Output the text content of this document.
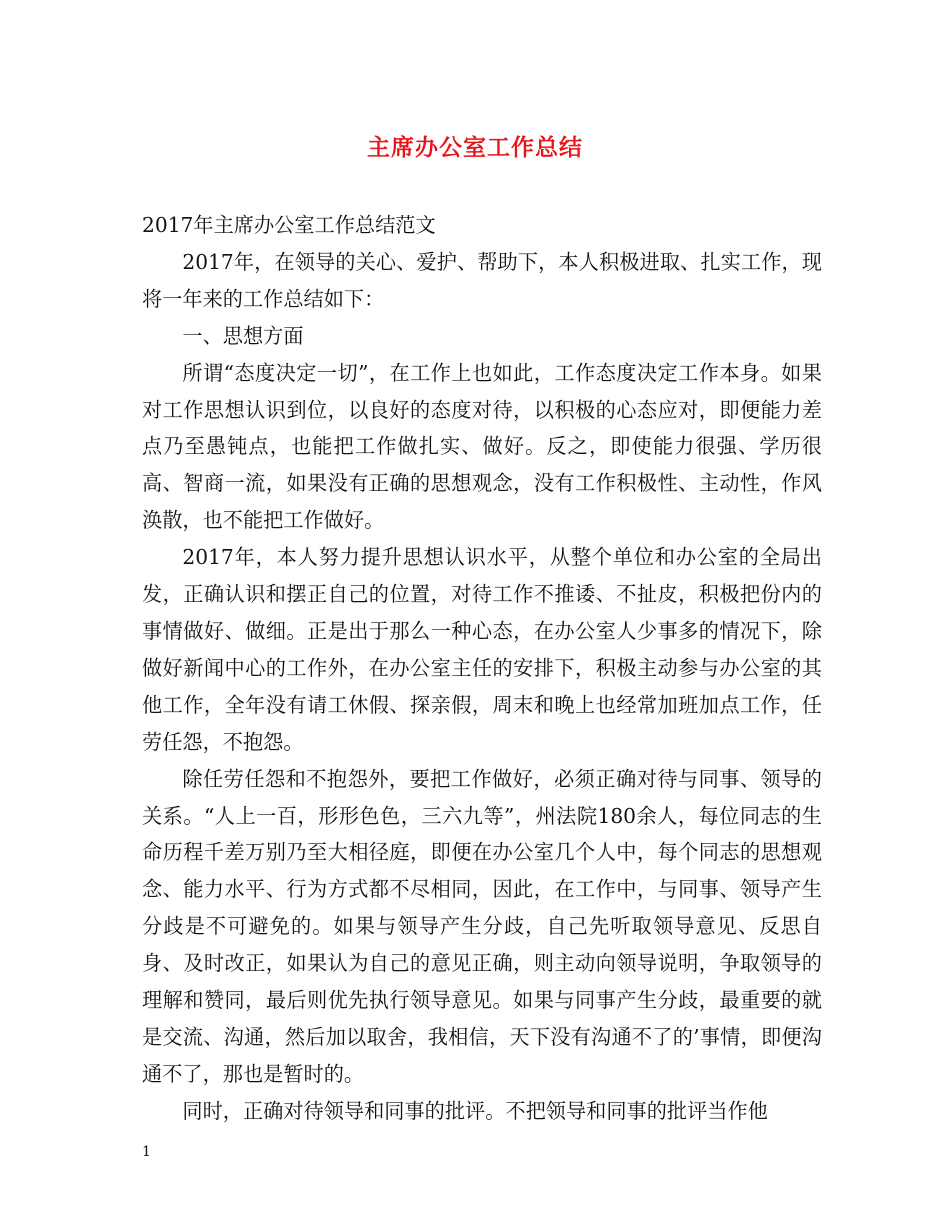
主席办公室工作总结

2017年主席办公室工作总结范文

2017年，在领导的关心、爱护、帮助下，本人积极进取、扎实工作，现将一年来的工作总结如下：

一、思想方面

所谓“态度决定一切”，在工作上也如此，工作态度决定工作本身。如果对工作思想认识到位，以良好的态度对待，以积极的心态应对，即便能力差点乃至愚钝点，也能把工作做扎实、做好。反之，即使能力很强、学历很高、智商一流，如果没有正确的思想观念，没有工作积极性、主动性，作风涣散，也不能把工作做好。

2017年，本人努力提升思想认识水平，从整个单位和办公室的全局出发，正确认识和摆正自己的位置，对待工作不推诿、不扯皮，积极把份内的事情做好、做细。正是出于那么一种心态，在办公室人少事多的情况下，除做好新闻中心的工作外，在办公室主任的安排下，积极主动参与办公室的其他工作，全年没有请工休假、探亲假，周末和晚上也经常加班加点工作，任劳任怨，不抱怨。

除任劳任怨和不抱怨外，要把工作做好，必须正确对待与同事、领导的关系。“人上一百，形形色色，三六九等”，州法院180余人，每位同志的生命历程千差万别乃至大相径庭，即便在办公室几个人中，每个同志的思想观念、能力水平、行为方式都不尽相同，因此，在工作中，与同事、领导产生分歧是不可避免的。如果与领导产生分歧，自己先听取领导意见、反思自身、及时改正，如果认为自己的意见正确，则主动向领导说明，争取领导的理解和赞同，最后则优先执行领导意见。如果与同事产生分歧，最重要的就是交流、沟通，然后加以取舍，我相信，天下没有沟通不了的’事情，即便沟通不了，那也是暂时的。

同时，正确对待领导和同事的批评。不把领导和同事的批评当作他

1
